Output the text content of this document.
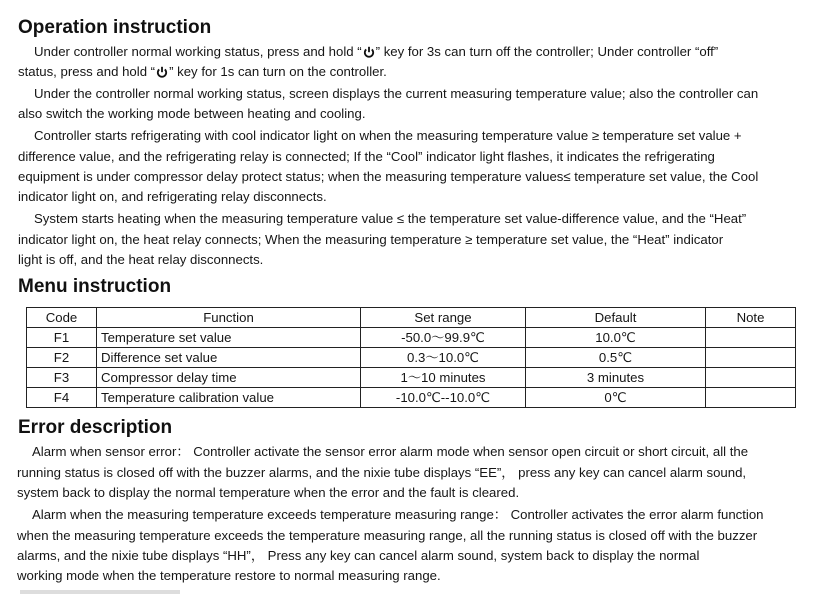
Operation instruction

Under controller normal working status, press and hold “ ” key for 3s can turn off the controller; Under controller “off”

status, press and hold “ ” key for 1s can turn on the controller.

Under the controller normal working status, screen displays the current measuring temperature value; also the controller can

also switch the working mode between heating and cooling.

Controller starts refrigerating with cool indicator light on when the measuring temperature value ≥ temperature set value +

difference value, and the refrigerating relay is connected; If the “Cool” indicator light flashes, it indicates the refrigerating

equipment is under compressor delay protect status; when the measuring temperature values≤ temperature set value, the Cool

indicator light on, and refrigerating relay disconnects.

System starts heating when the measuring temperature value ≤ the temperature set value-difference value, and the “Heat”

indicator light on, the heat relay connects; When the measuring temperature ≥ temperature set value, the “Heat” indicator

light is off, and the heat relay disconnects.

Menu instruction
Code	Function	Set range	Default	Note
F1	Temperature set value	-50.0～99.9℃	10.0℃	
F2	Difference set value	0.3～10.0℃	0.5℃	
F3	Compressor delay time	1～10 minutes	3 minutes	
F4	Temperature calibration value	-10.0℃--10.0℃	0℃	
Error description

Alarm when sensor error： Controller activate the sensor error alarm mode when sensor open circuit or short circuit, all the

running status is closed off with the buzzer alarms, and the nixie tube displays “EE”， press any key can cancel alarm sound,

system back to display the normal temperature when the error and the fault is cleared.

Alarm when the measuring temperature exceeds temperature measuring range： Controller activates the error alarm function

when the measuring temperature exceeds the temperature measuring range, all the running status is closed off with the buzzer

alarms, and the nixie tube displays “HH”， Press any key can cancel alarm sound, system back to display the normal

working mode when the temperature restore to normal measuring range.
